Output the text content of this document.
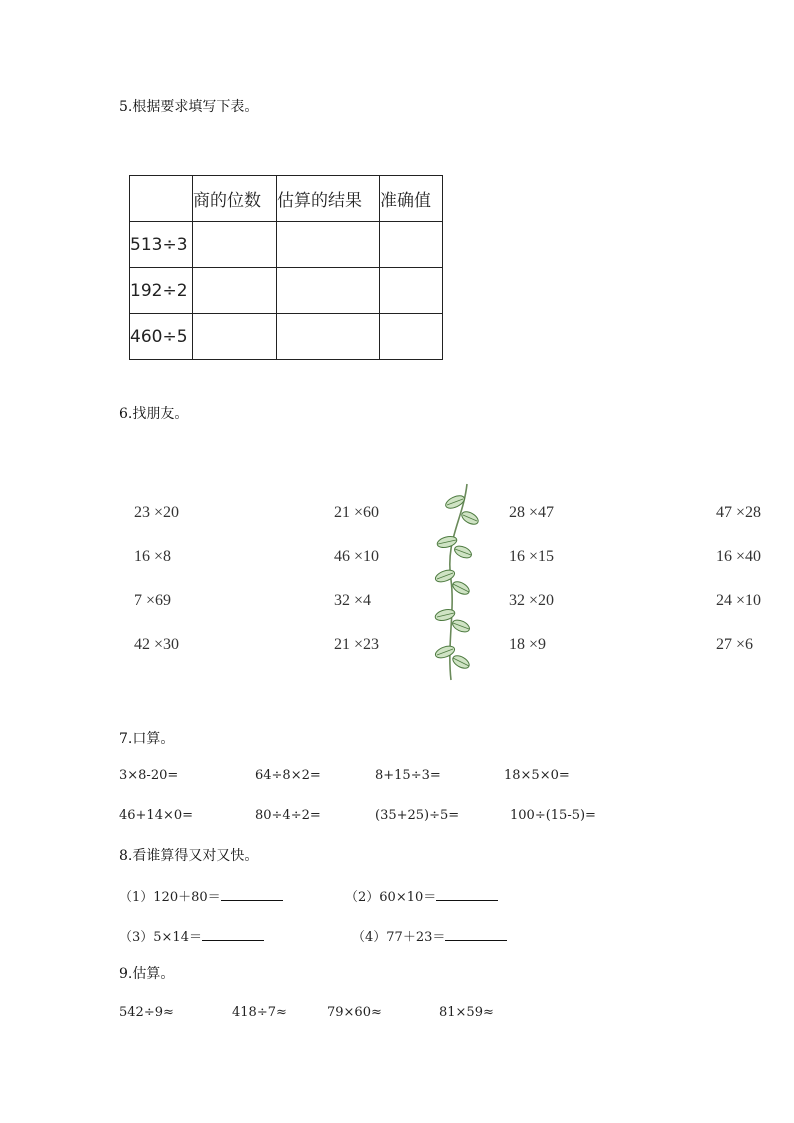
5.根据要求填写下表。
	商的位数	估算的结果	准确值
513÷3			
192÷2			
460÷5			
6.找朋友。
23 ×20
16 ×8
7 ×69
42 ×30
21 ×60
46 ×10
32 ×4
21 ×23
28 ×47
16 ×15
32 ×20
18 ×9
47 ×28
16 ×40
24 ×10
27 ×6
7.口算。
3×8-20=	64÷8×2=	8+15÷3=	18×5×0=
46+14×0=	80÷4÷2=	(35+25)÷5=	100÷(15-5)=
8.看谁算得又对又快。
（1）120＋80＝	（2）60×10＝
（3）5×14＝	（4）77＋23＝
9.估算。
542÷9≈	418÷7≈	79×60≈	81×59≈
